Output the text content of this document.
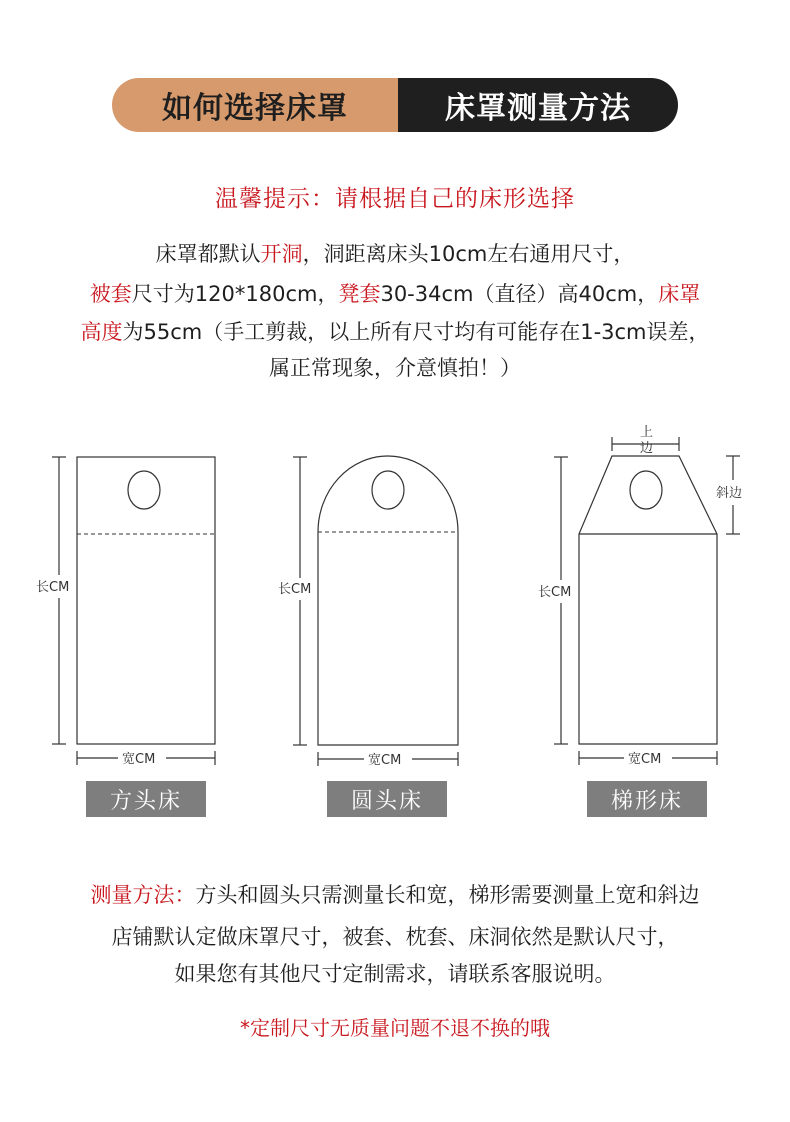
如何选择床罩	床罩测量方法
温馨提示：请根据自己的床形选择
床罩都默认开洞，洞距离床头10cm左右通用尺寸，
被套尺寸为120*180cm，凳套30-34cm（直径）高40cm，床罩
高度为55cm（手工剪裁，以上所有尺寸均有可能存在1-3cm误差，
属正常现象，介意慎拍！）
长CM
宽CM
长CM
宽CM
上
边
斜边
长CM
宽CM
方头床	圆头床	梯形床
测量方法：方头和圆头只需测量长和宽，梯形需要测量上宽和斜边
店铺默认定做床罩尺寸，被套、枕套、床洞依然是默认尺寸，
如果您有其他尺寸定制需求，请联系客服说明。
*定制尺寸无质量问题不退不换的哦
